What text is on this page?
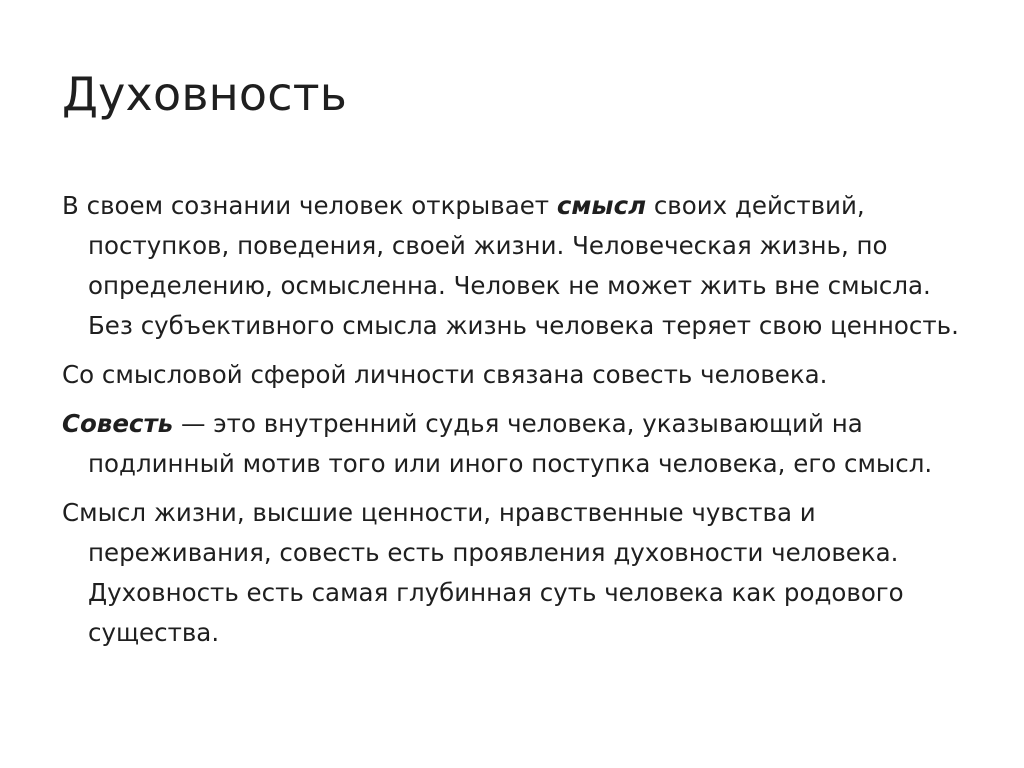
Духовность

В своем сознании человек открывает смысл своих действий, поступков, поведения, своей жизни. Человеческая жизнь, по определению, осмысленна. Человек не может жить вне смысла. Без субъективного смысла жизнь человека теряет свою ценность.

Со смысловой сферой личности связана совесть человека.

Совесть — это внутренний судья человека, указывающий на подлинный мотив того или иного поступка человека, его смысл.

Смысл жизни, высшие ценности, нравственные чувства и переживания, совесть есть проявления духовности человека. Духовность есть самая глубинная суть человека как родового существа.
